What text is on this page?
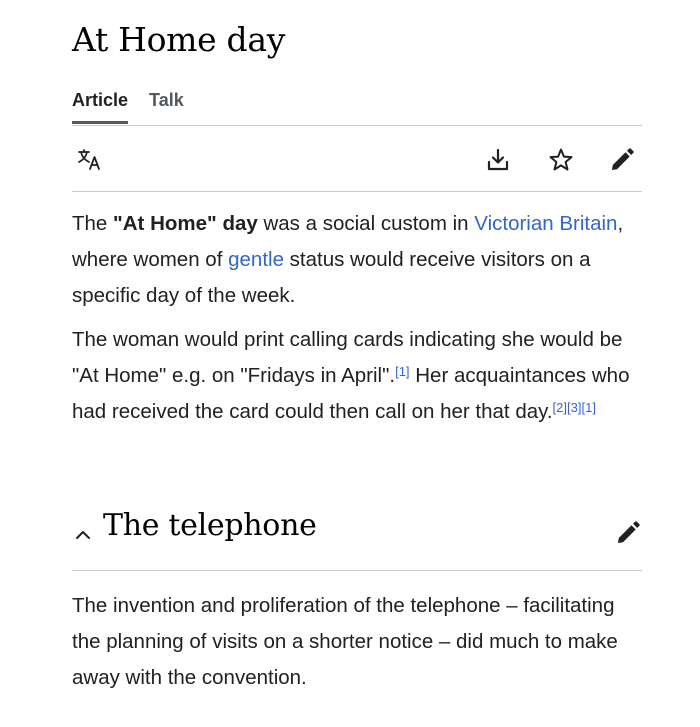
At Home day
Article Talk

The "At Home" day was a social custom in Victorian Britain, where women of gentle status would receive visitors on a specific day of the week.

The woman would print calling cards indicating she would be "At Home" e.g. on "Fridays in April".[1] Her acquaintances who had received the card could then call on her that day.[2][3][1]

The telephone

The invention and proliferation of the telephone – facilitating the planning of visits on a shorter notice – did much to make away with the convention.
